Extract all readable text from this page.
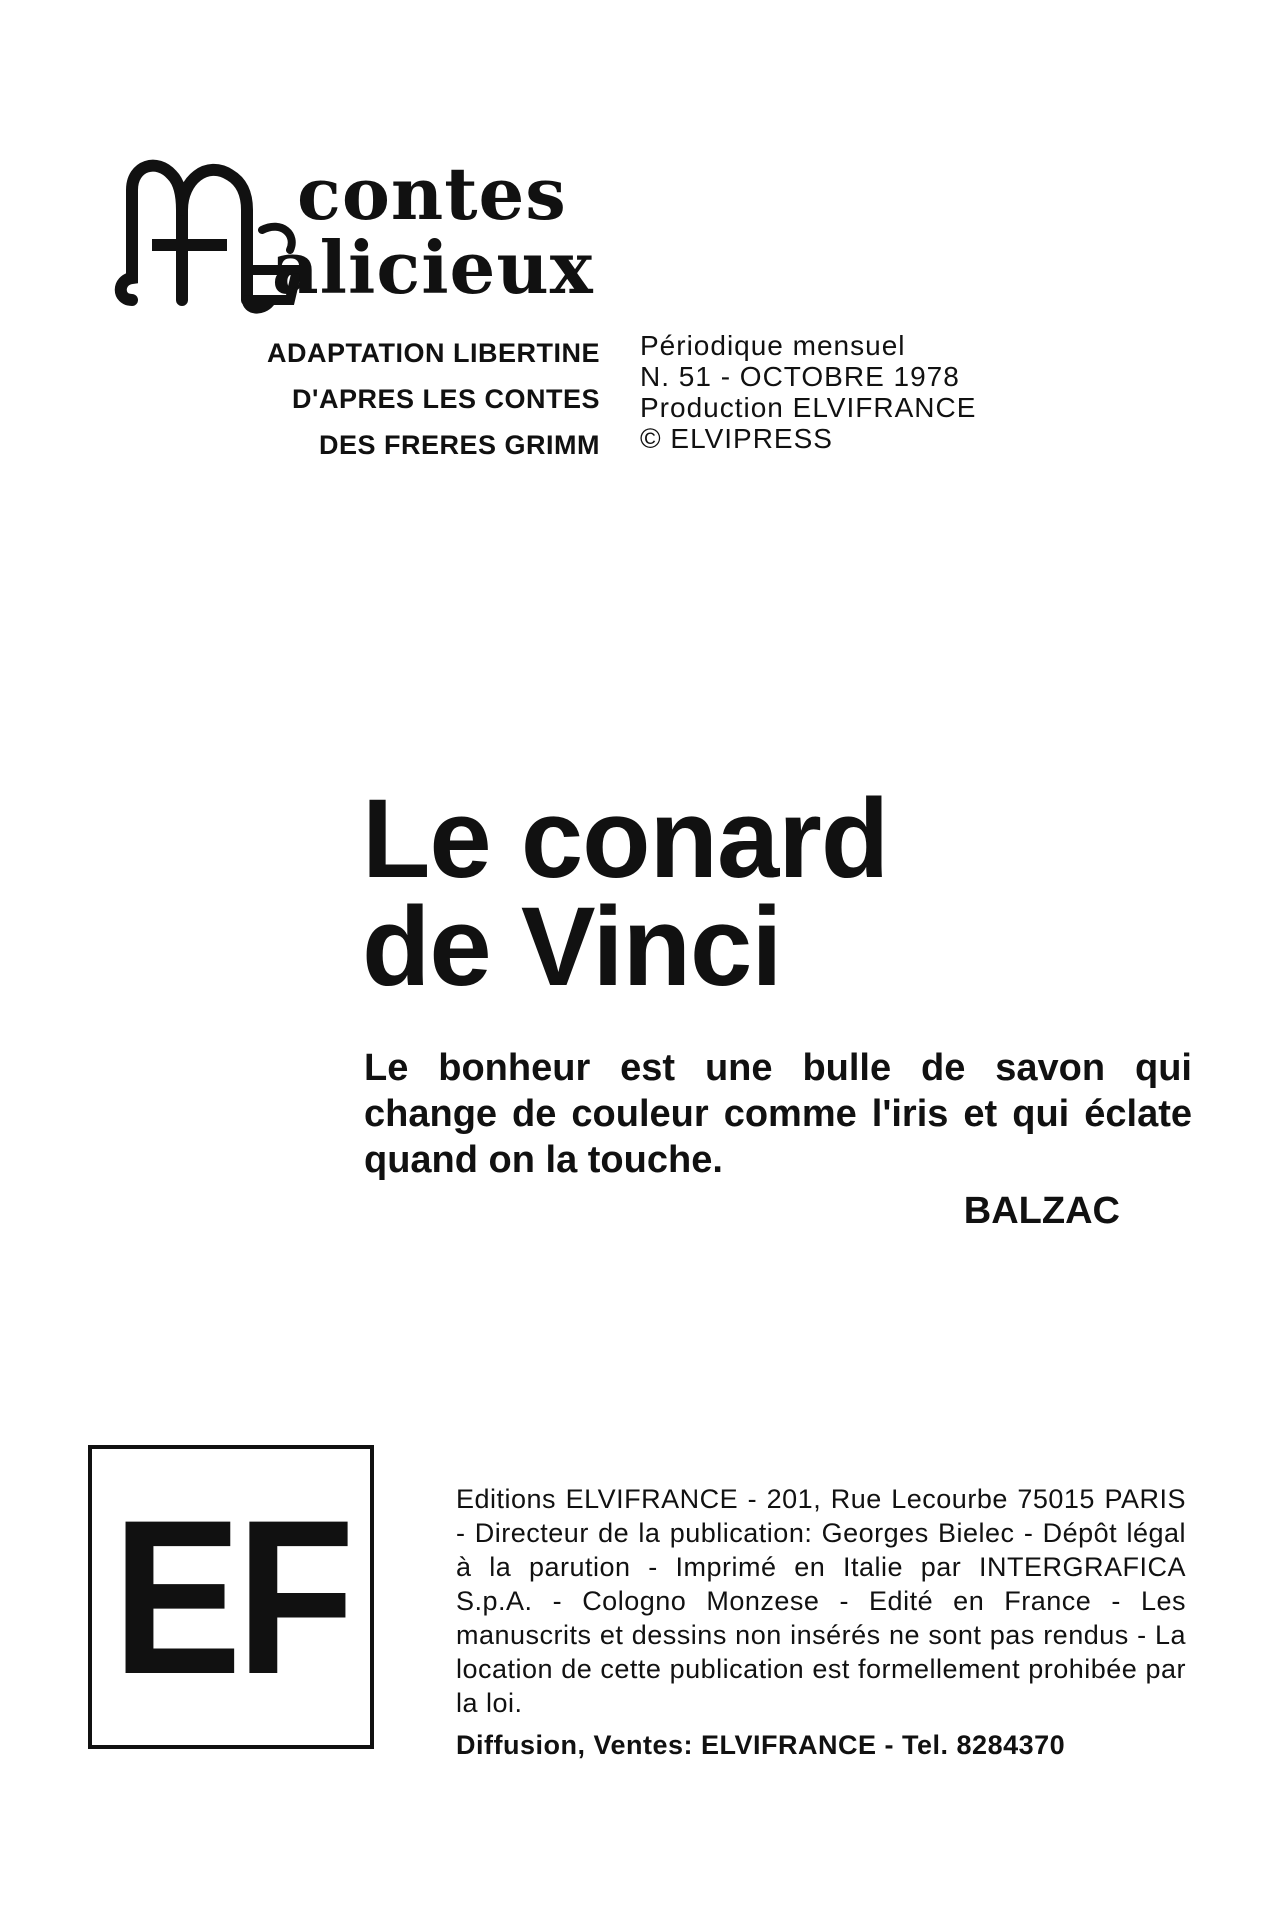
contes
alicieux
ADAPTATION LIBERTINE
D'APRES LES CONTES
DES FRERES GRIMM
Périodique mensuel
N. 51 - OCTOBRE 1978
Production ELVIFRANCE
© ELVIPRESS
Le conard
de Vinci
Le bonheur est une bulle de savon qui change de couleur comme l'iris et qui éclate quand on la touche.
BALZAC
EF	Editions ELVIFRANCE - 201, Rue Lecourbe 75015 PARIS - Directeur de la publication: Georges Bielec - Dépôt légal à la parution - Imprimé en Italie par INTERGRAFICA S.p.A. - Cologno Monzese - Edité en France - Les manuscrits et dessins non insérés ne sont pas rendus - La location de cette publication est formellement prohibée par la loi.
Diffusion, Ventes: ELVIFRANCE - Tel. 8284370
